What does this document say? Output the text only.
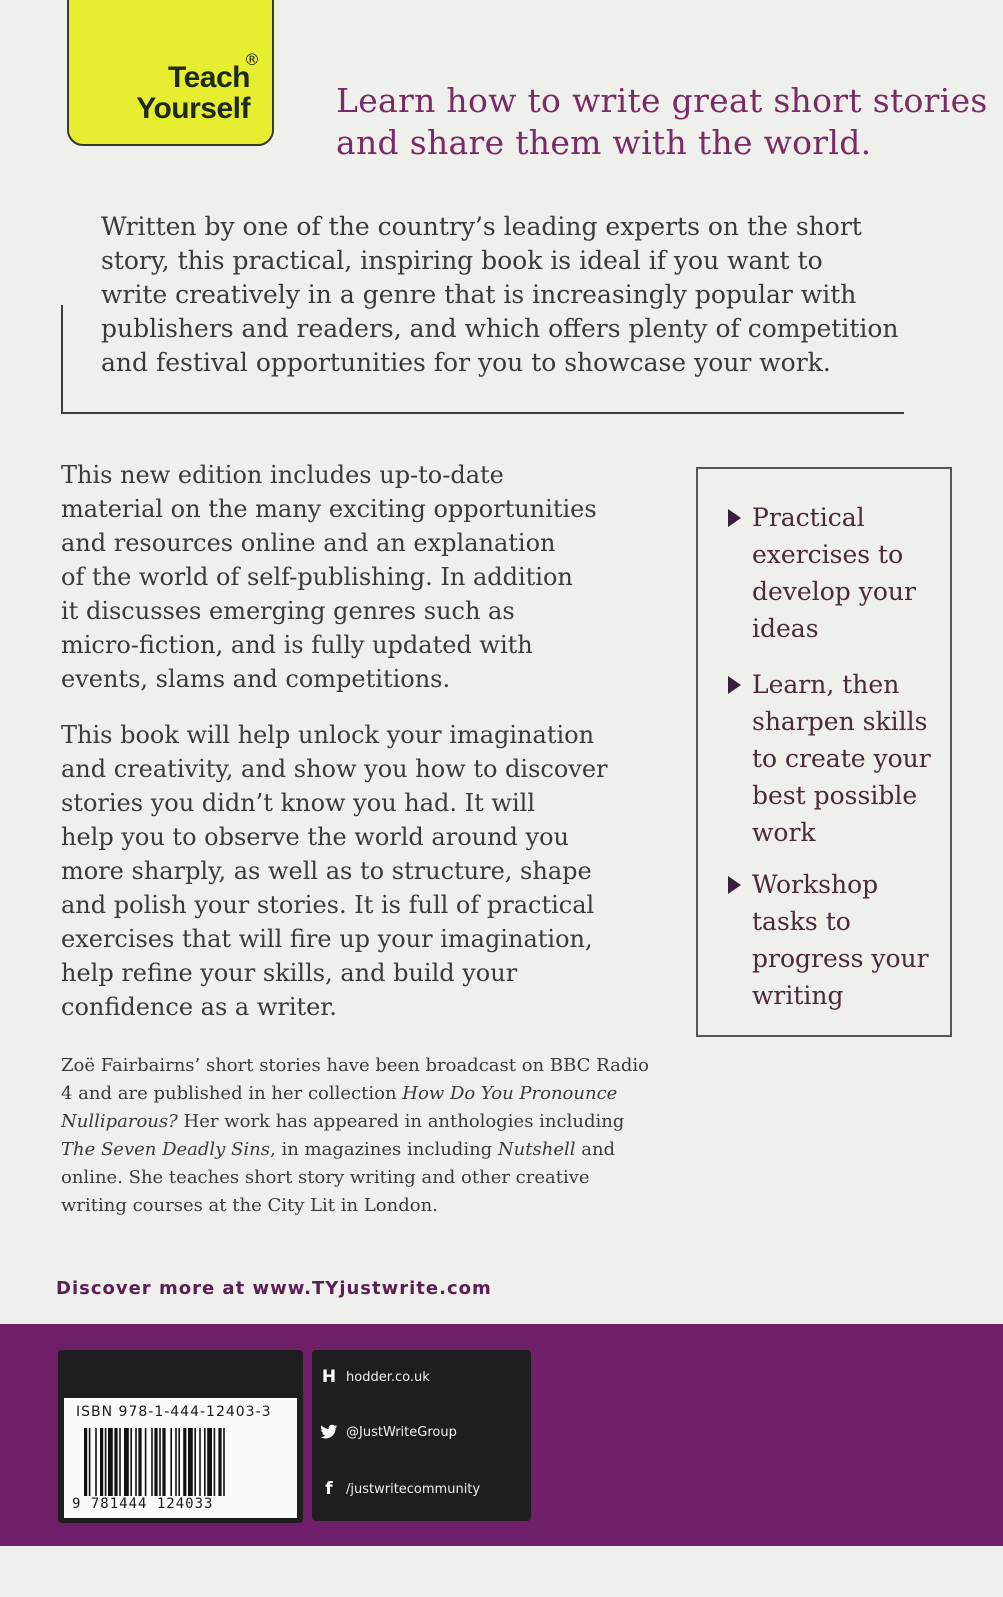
®
Teach
Yourself	Learn how to write great short stories
and share them with the world.
Written by one of the country’s leading experts on the short
story, this practical, inspiring book is ideal if you want to
write creatively in a genre that is increasingly popular with
publishers and readers, and which offers plenty of competition
and festival opportunities for you to showcase your work.
This new edition includes up-to-date
material on the many exciting opportunities
and resources online and an explanation
of the world of self-publishing. In addition
it discusses emerging genres such as
micro-fiction, and is fully updated with
events, slams and competitions.
This book will help unlock your imagination
and creativity, and show you how to discover
stories you didn’t know you had. It will
help you to observe the world around you
more sharply, as well as to structure, shape
and polish your stories. It is full of practical
exercises that will fire up your imagination,
help refine your skills, and build your
confidence as a writer.
Zoë Fairbairns’ short stories have been broadcast on BBC Radio
4 and are published in her collection How Do You Pronounce
Nulliparous? Her work has appeared in anthologies including
The Seven Deadly Sins, in magazines including Nutshell and
online. She teaches short story writing and other creative
writing courses at the City Lit in London.
Practical
exercises to
develop your
ideas
Learn, then
sharpen skills
to create your
best possible
work
Workshop
tasks to
progress your
writing
Discover more at www.TYjustwrite.com
ISBN 978-1-444-12403-3
9 781444 124033
H hodder.co.uk
@JustWriteGroup
f	/justwritecommunity
